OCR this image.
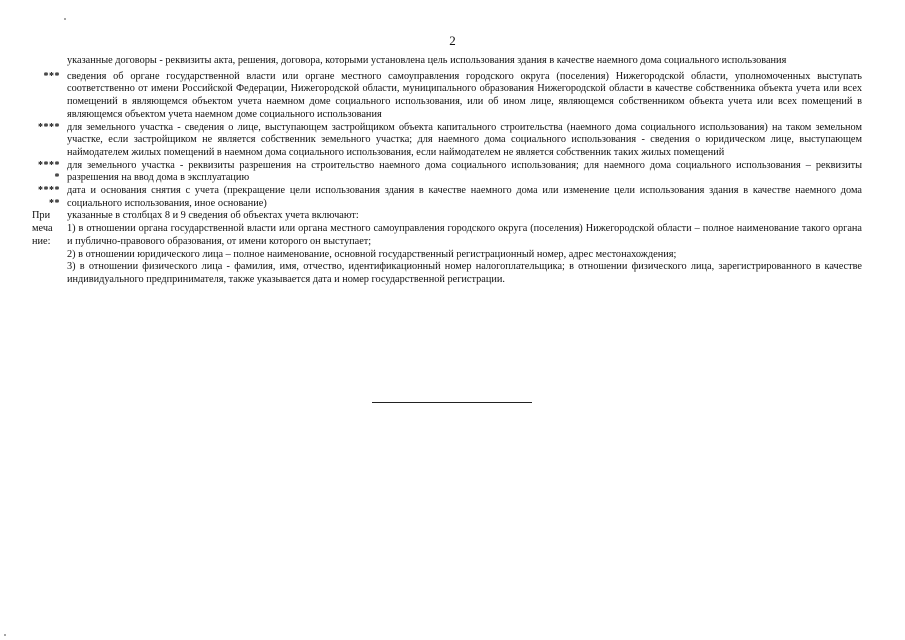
2
указанные договоры - реквизиты акта, решения, договора, которыми установлена цель использования здания в качестве наемного дома социального использования
*** сведения об органе государственной власти или органе местного самоуправления городского округа (поселения) Нижегородской области, уполномоченных выступать соответственно от имени Российской Федерации, Нижегородской области, муниципального образования Нижегородской области в качестве собственника объекта учета или всех помещений в являющемся объектом учета наемном доме социального использования, или об ином лице, являющемся собственником объекта учета или всех помещений в являющемся объектом учета наемном доме социального использования
**** для земельного участка - сведения о лице, выступающем застройщиком объекта капитального строительства (наемного дома социального использования) на таком земельном участке, если застройщиком не является собственник земельного участка; для наемного дома социального использования - сведения о юридическом лице, выступающем наймодателем жилых помещений в наемном дома социального использования, если наймодателем не является собственник таких жилых помещений
****
*
для земельного участка - реквизиты разрешения на строительство наемного дома социального использования; для наемного дома социального использования – реквизиты разрешения на ввод дома в эксплуатацию
****
**
дата и основания снятия с учета (прекращение цели использования здания в качестве наемного дома или изменение цели использования здания в качестве наемного дома социального использования, иное основание)
При
меча
ние:
указанные в столбцах 8 и 9 сведения об объектах учета включают:
1) в отношении органа государственной власти или органа местного самоуправления городского округа (поселения) Нижегородской области – полное наименование такого органа и публично-правового образования, от имени которого он выступает;
2) в отношении юридического лица – полное наименование, основной государственный регистрационный номер, адрес местонахождения;
3) в отношении физического лица - фамилия, имя, отчество, идентификационный номер налогоплательщика; в отношении физического лица, зарегистрированного в качестве индивидуального предпринимателя, также указывается дата и номер государственной регистрации.
